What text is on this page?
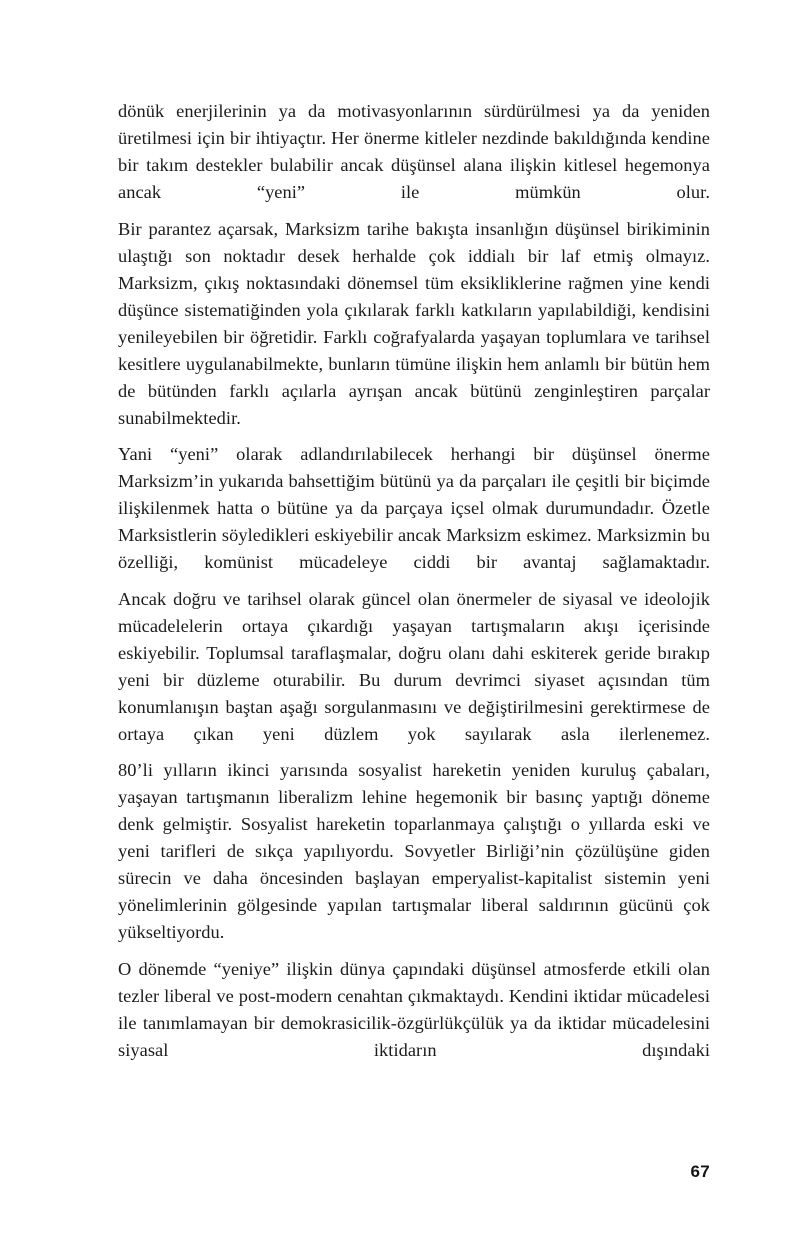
dönük enerjilerinin ya da motivasyonlarının sürdürülmesi ya da yeniden üretilmesi için bir ihtiyaçtır. Her önerme kitleler nezdinde bakıldığında kendine bir takım destekler bulabilir ancak düşünsel alana ilişkin kitlesel hegemonya ancak “yeni” ile mümkün olur.

Bir parantez açarsak, Marksizm tarihe bakışta insanlığın düşünsel birikiminin ulaştığı son noktadır desek herhalde çok iddialı bir laf etmiş olmayız. Marksizm, çıkış noktasındaki dönemsel tüm eksikliklerine rağmen yine kendi düşünce sistematiğinden yola çıkılarak farklı katkıların yapılabildiği, kendisini yenileyebilen bir öğretidir. Farklı coğrafyalarda yaşayan toplumlara ve tarihsel kesitlere uygulanabilmekte, bunların tümüne ilişkin hem anlamlı bir bütün hem de bütünden farklı açılarla ayrışan ancak bütünü zenginleştiren parçalar sunabilmektedir.

Yani “yeni” olarak adlandırılabilecek herhangi bir düşünsel önerme Marksizm’in yukarıda bahsettiğim bütünü ya da parçaları ile çeşitli bir biçimde ilişkilenmek hatta o bütüne ya da parçaya içsel olmak durumundadır. Özetle Marksistlerin söyledikleri eskiyebilir ancak Marksizm eskimez. Marksizmin bu özelliği, komünist mücadeleye ciddi bir avantaj sağlamaktadır.

Ancak doğru ve tarihsel olarak güncel olan önermeler de siyasal ve ideolojik mücadelelerin ortaya çıkardığı yaşayan tartışmaların akışı içerisinde eskiyebilir. Toplumsal taraflaşmalar, doğru olanı dahi eskiterek geride bırakıp yeni bir düzleme oturabilir. Bu durum devrimci siyaset açısından tüm konumlanışın baştan aşağı sorgulanmasını ve değiştirilmesini gerektirmese de ortaya çıkan yeni düzlem yok sayılarak asla ilerlenemez.

80’li yılların ikinci yarısında sosyalist hareketin yeniden kuruluş çabaları, yaşayan tartışmanın liberalizm lehine hegemonik bir basınç yaptığı döneme denk gelmiştir. Sosyalist hareketin toparlanmaya çalıştığı o yıllarda eski ve yeni tarifleri de sıkça yapılıyordu. Sovyetler Birliği’nin çözülüşüne giden sürecin ve daha öncesinden başlayan emperyalist-kapitalist sistemin yeni yönelimlerinin gölgesinde yapılan tartışmalar liberal saldırının gücünü çok yükseltiyordu.

O dönemde “yeniye” ilişkin dünya çapındaki düşünsel atmosferde etkili olan tezler liberal ve post-modern cenahtan çıkmaktaydı. Kendini iktidar mücadelesi ile tanımlamayan bir demokrasicilik-özgürlükçülük ya da iktidar mücadelesini siyasal iktidarın dışındaki

67
